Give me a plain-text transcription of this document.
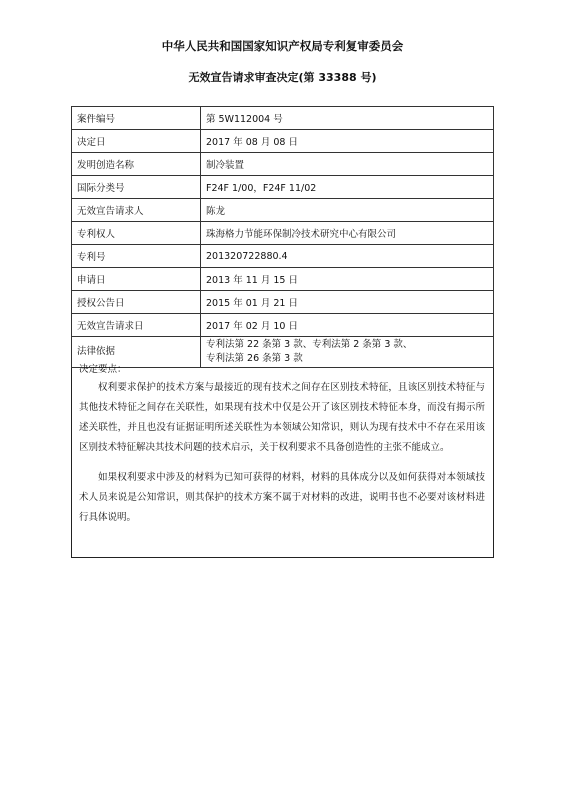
中华人民共和国国家知识产权局专利复审委员会
无效宣告请求审查决定(第 33388 号)
案件编号	第 5W112004 号
决定日	2017 年 08 月 08 日
发明创造名称	制冷装置
国际分类号	F24F 1/00，F24F 11/02
无效宣告请求人	陈龙
专利权人	珠海格力节能环保制冷技术研究中心有限公司
专利号	201320722880.4
申请日	2013 年 11 月 15 日
授权公告日	2015 年 01 月 21 日
无效宣告请求日	2017 年 02 月 10 日
法律依据	专利法第 22 条第 3 款、专利法第 2 条第 3 款、
专利法第 26 条第 3 款
决定要点：

权利要求保护的技术方案与最接近的现有技术之间存在区别技术特征，且该区别技术特征与其他技术特征之间存在关联性，如果现有技术中仅是公开了该区别技术特征本身，而没有揭示所述关联性，并且也没有证据证明所述关联性为本领域公知常识，则认为现有技术中不存在采用该区别技术特征解决其技术问题的技术启示，关于权利要求不具备创造性的主张不能成立。

如果权利要求中涉及的材料为已知可获得的材料，材料的具体成分以及如何获得对本领域技术人员来说是公知常识，则其保护的技术方案不属于对材料的改进，说明书也不必要对该材料进行具体说明。
